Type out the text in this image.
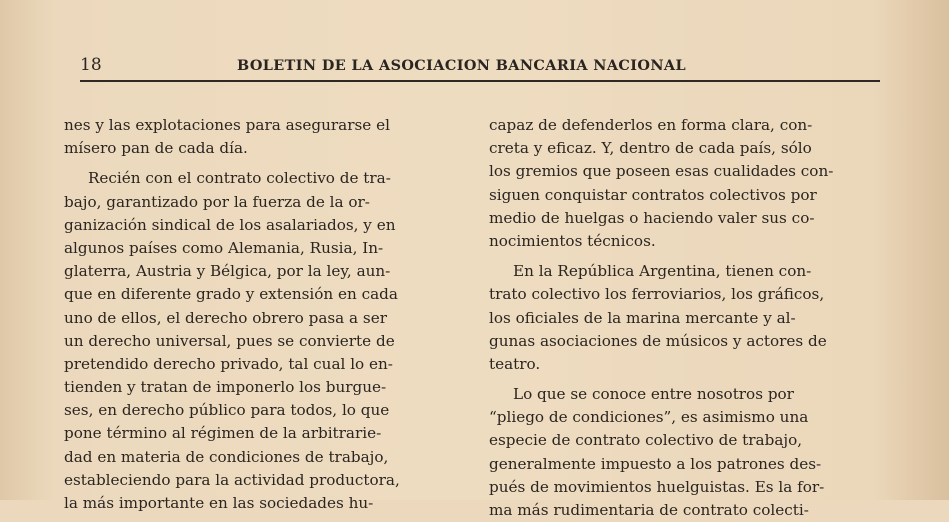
18	BOLETIN DE LA ASOCIACION BANCARIA NACIONAL
nes y las explotaciones para asegurarse el
mísero pan de cada día.
Recién con el contrato colectivo de tra-
bajo, garantizado por la fuerza de la or-
ganización sindical de los asalariados, y en
algunos países como Alemania, Rusia, In-
glaterra, Austria y Bélgica, por la ley, aun-
que en diferente grado y extensión en cada
uno de ellos, el derecho obrero pasa a ser
un derecho universal, pues se convierte de
pretendido derecho privado, tal cual lo en-
tienden y tratan de imponerlo los burgue-
ses, en derecho público para todos, lo que
pone término al régimen de la arbitrarie-
dad en materia de condiciones de trabajo,
estableciendo para la actividad productora,
la más importante en las sociedades hu-
capaz de defenderlos en forma clara, con-
creta y eficaz. Y, dentro de cada país, sólo
los gremios que poseen esas cualidades con-
siguen conquistar contratos colectivos por
medio de huelgas o haciendo valer sus co-
nocimientos técnicos.
En la República Argentina, tienen con-
trato colectivo los ferroviarios, los gráficos,
los oficiales de la marina mercante y al-
gunas asociaciones de músicos y actores de
teatro.
Lo que se conoce entre nosotros por
“pliego de condiciones”, es asimismo una
especie de contrato colectivo de trabajo,
generalmente impuesto a los patrones des-
pués de movimientos huelguistas. Es la for-
ma más rudimentaria de contrato colecti-
